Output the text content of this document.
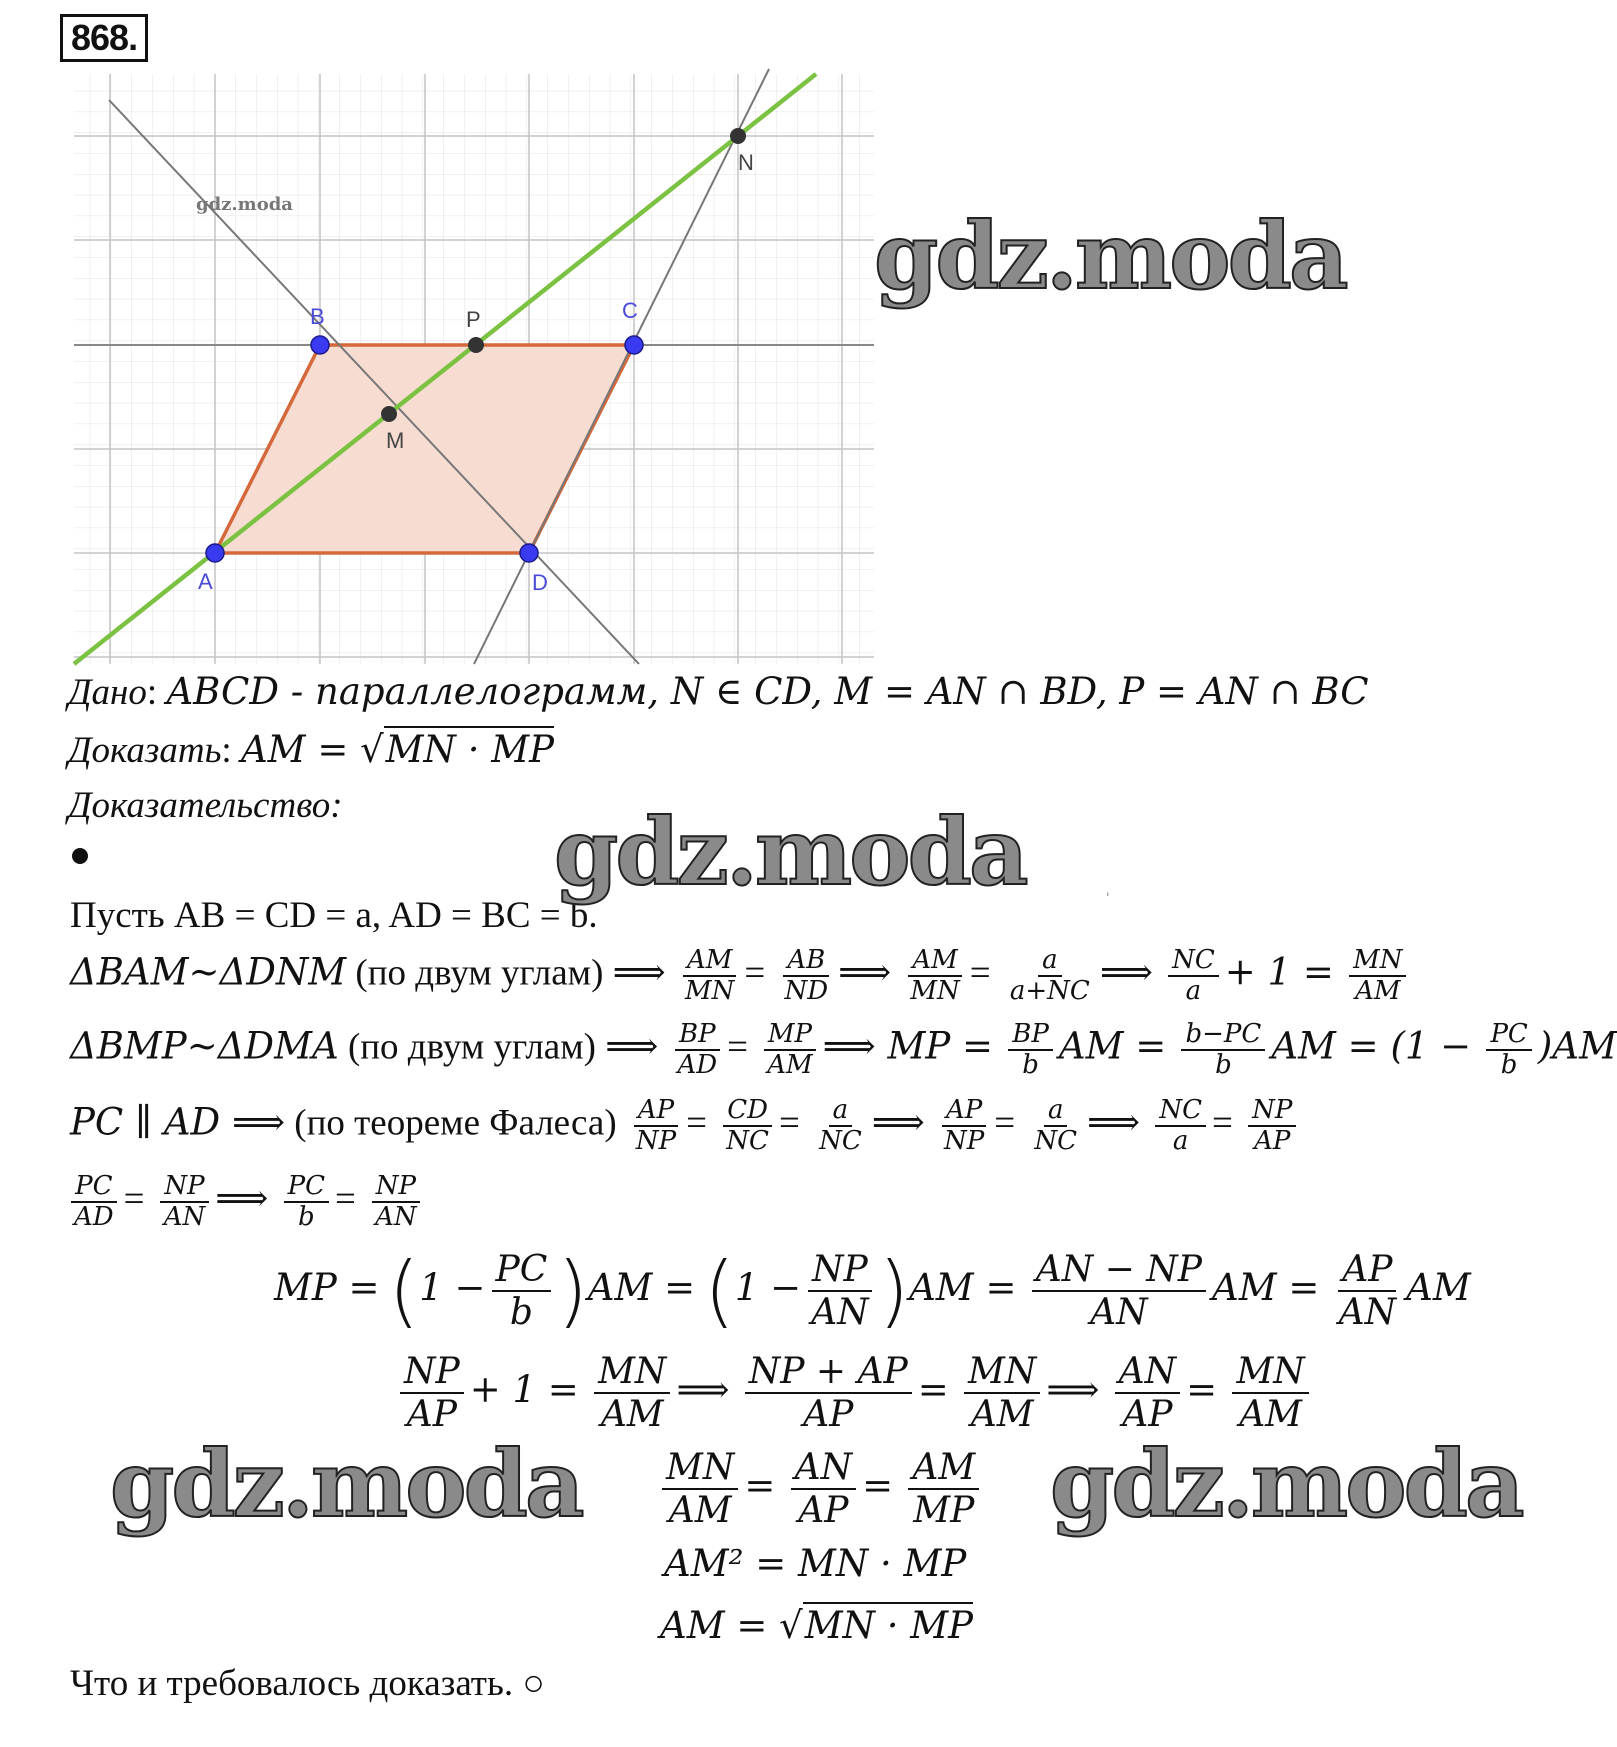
868.
A
B	C
D
M
P
N
gdz.moda
Дано: ABCD - параллелограмм, N ∈ CD, M = AN ∩ BD, P = AN ∩ BC
Доказать: AM = √MN · MP
Доказательство:
Пусть AB = CD = a, AD = BC = b.
ΔBAM~ΔDNM (по двум углам) ⟹ $\frac{AM}{MN} = \frac{AB}{ND}$ ⟹ $\frac{AM}{MN} = \frac{a}{a+NC}$ ⟹ $\frac{NC}{a} + 1 = \frac{MN}{AM}$
ΔBMP~ΔDMA (по двум углам) ⟹ $\frac{BP}{AD} = \frac{MP}{AM}$ ⟹ MP = $\frac{BP}{b}$ AM = $\frac{b-PC}{b}$ AM = $(1 - \frac{PC}{b} )AM$
PC ∥ AD ⟹ (по теореме Фалеса) $\frac{AP}{NP} = \frac{CD}{NC} = \frac{a}{NC}$ ⟹ $\frac{AP}{NP} = \frac{a}{NC}$ ⟹ $\frac{NC}{a} = \frac{NP}{AP}$
$\frac{PC}{AD} = \frac{NP}{AN}$ ⟹ $\frac{PC}{b} = \frac{NP}{AN}$
MP = $(1 - \frac{PC}{b} )AM = (1 - \frac{NP}{AN} )AM = \frac{AN - NP}{AN}$ AM = $\frac{AP}{AN}$ AM
$\frac{NP}{AP} + 1 = \frac{MN}{AM}$ ⟹ $\frac{NP + AP}{AP} = \frac{MN}{AM}$ ⟹ $\frac{AN}{AP} = \frac{MN}{AM}$
$\frac{MN}{AM} = \frac{AN}{AP} = \frac{AM}{MP}$
AM² = MN · MP
AM = √MN · MP
Что и требовалось доказать. ○
ˈ
gdz.moda
gdz.moda
gdz.moda	gdz.moda
